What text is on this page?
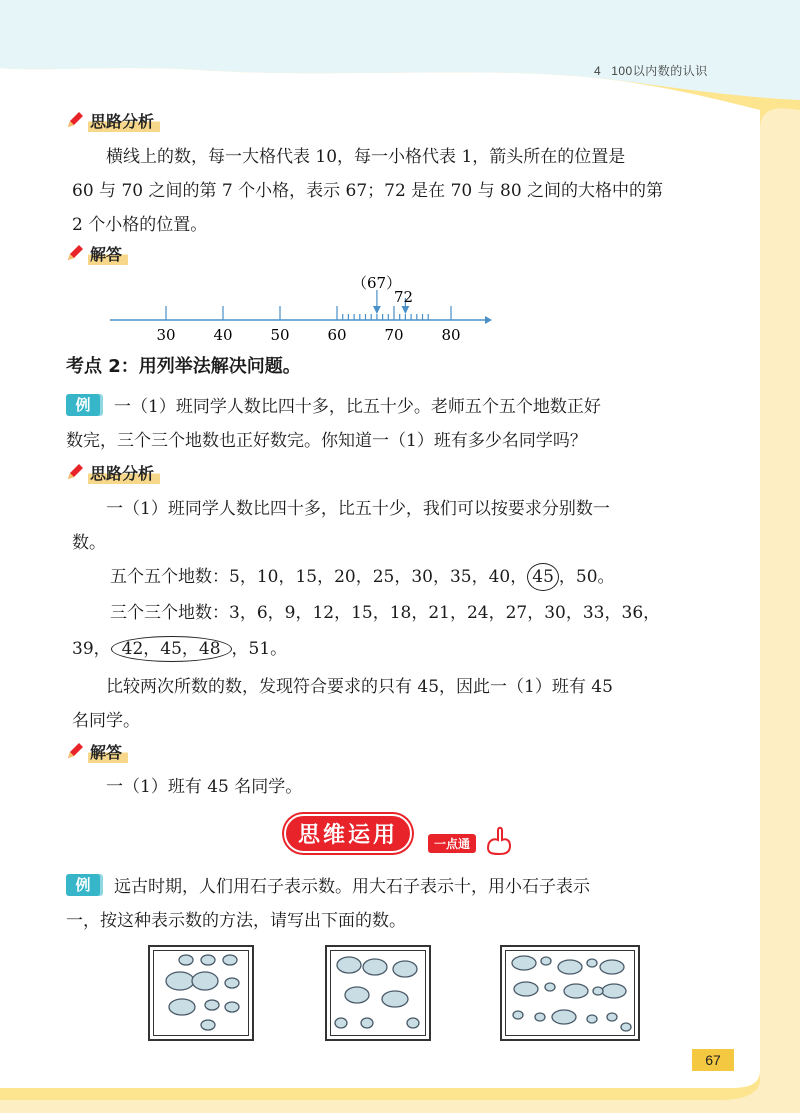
4 100以内数的认识
思路分析
横线上的数，每一大格代表 10，每一小格代表 1，箭头所在的位置是
60 与 70 之间的第 7 个小格，表示 67；72 是在 70 与 80 之间的大格中的第
2 个小格的位置。
解答
（67）
72
30	40	50	60	70	80
考点 2：用列举法解决问题。
例 一（1）班同学人数比四十多，比五十少。老师五个五个地数正好
数完，三个三个地数也正好数完。你知道一（1）班有多少名同学吗？
思路分析
一（1）班同学人数比四十多，比五十少，我们可以按要求分别数一
数。
五个五个地数：5，10，15，20，25，30，35，40， 45 ，50。
三个三个地数：3，6，9，12，15，18，21，24，27，30，33，36，
39， 42，45，48 ，51。
比较两次所数的数，发现符合要求的只有 45，因此一（1）班有 45
名同学。
解答
一（1）班有 45 名同学。
思维运用	一点通
例 远古时期，人们用石子表示数。用大石子表示十，用小石子表示
一，按这种表示数的方法，请写出下面的数。
67
